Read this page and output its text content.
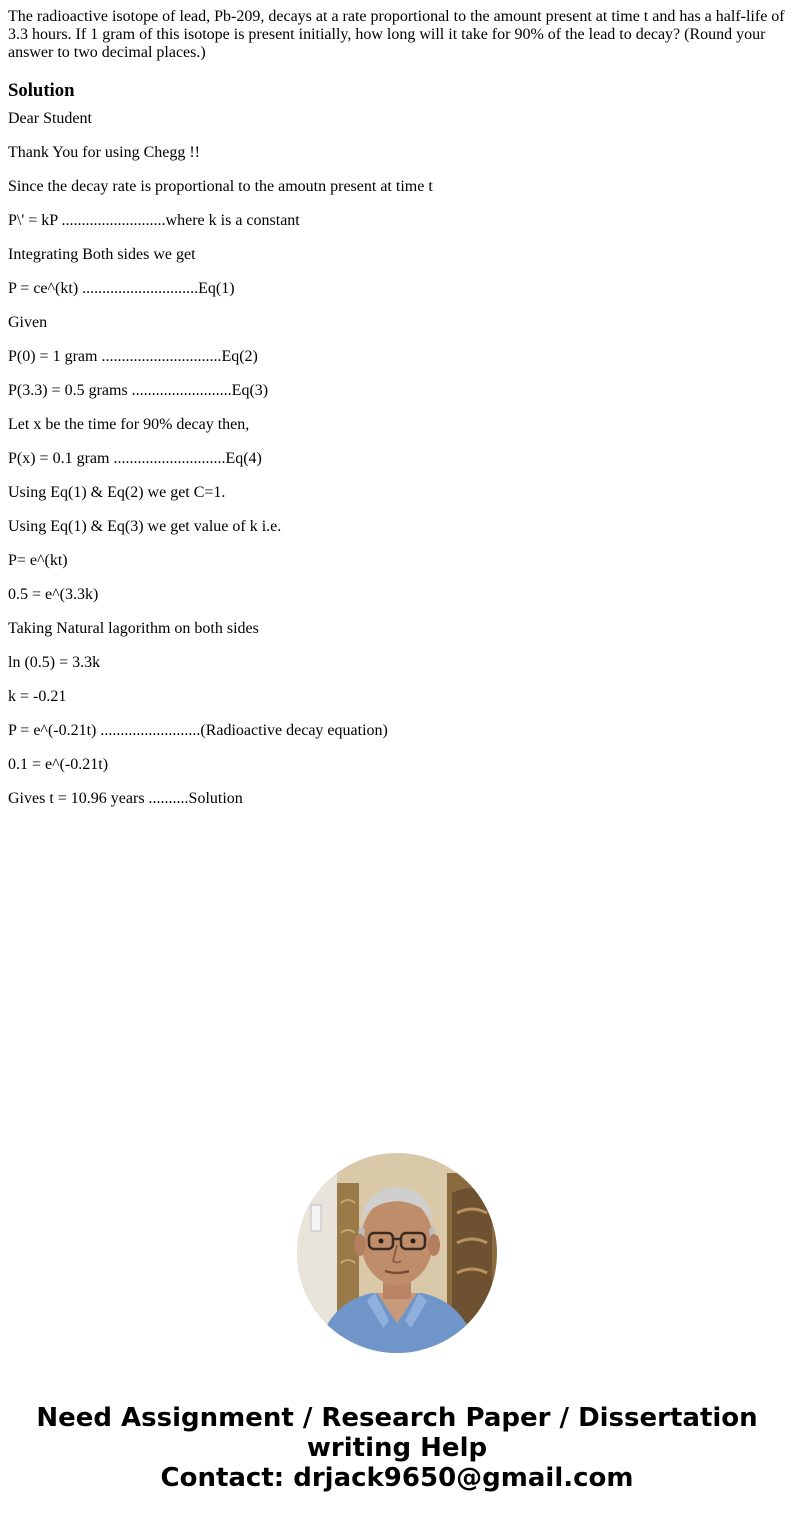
The radioactive isotope of lead, Pb-209, decays at a rate proportional to the amount present at time t and has a half-life of 3.3 hours. If 1 gram of this isotope is present initially, how long will it take for 90% of the lead to decay? (Round your answer to two decimal places.)

Solution

Dear Student

Thank You for using Chegg !!

Since the decay rate is proportional to the amoutn present at time t

P\' = kP ..........................where k is a constant

Integrating Both sides we get

P = ce^(kt) .............................Eq(1)

Given

P(0) = 1 gram ..............................Eq(2)

P(3.3) = 0.5 grams .........................Eq(3)

Let x be the time for 90% decay then,

P(x) = 0.1 gram ............................Eq(4)

Using Eq(1) & Eq(2) we get C=1.

Using Eq(1) & Eq(3) we get value of k i.e.

P= e^(kt)

0.5 = e^(3.3k)

Taking Natural lagorithm on both sides

ln (0.5) = 3.3k

k = -0.21

P = e^(-0.21t) .........................(Radioactive decay equation)

0.1 = e^(-0.21t)

Gives t = 10.96 years ..........Solution

Need Assignment / Research Paper / Dissertation
writing Help
Contact: drjack9650@gmail.com
